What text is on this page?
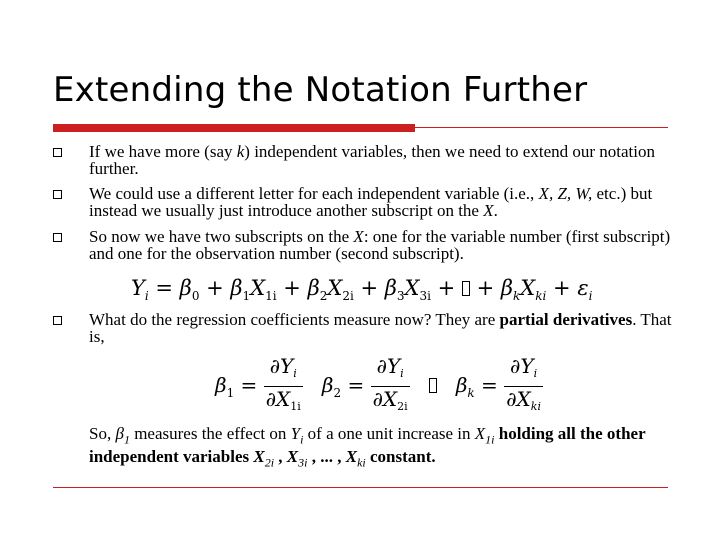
Extending the Notation Further
If we have more (say k) independent variables, then we need to extend our notation further.
We could use a different letter for each independent variable (i.e., X, Z, W, etc.) but instead we usually just introduce another subscript on the X.
So now we have two subscripts on the X: one for the variable number (first subscript) and one for the observation number (second subscript).
$Y_i = \beta_0 + \beta_1X_{1i} + \beta_2X_{2i} + \beta_3X_{3i}$ +  + $\beta_kX_{ki} + \varepsilon_i$
What do the regression coefficients measure now? They are partial derivatives. That is,
$\beta_1 = \frac{\partial Y_i}{\partial X_{1i}} \beta_2 = \frac{\partial Y_i}{\partial X_{2i}} \beta_k = \frac{\partial Y_i}{\partial X_{ki}}$
So, $\beta_1$ measures the effect on $Y_i$ of a one unit increase in $X_{1i}$ holding all the other independent variables $X_{2i}$ , $X_{3i}$ , ... , $X_{ki}$ constant.
